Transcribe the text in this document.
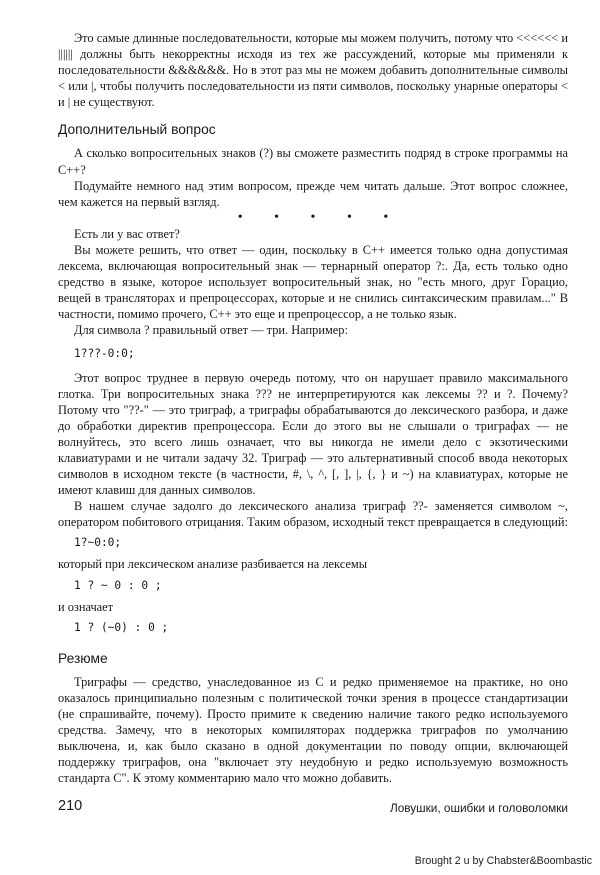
Это самые длинные последовательности, которые мы можем получить, потому что <<<<<< и |||||| должны быть некорректны исходя из тех же рассуждений, которые мы применяли к последовательности &&&&&&. Но в этот раз мы не можем добавить дополнительные символы < или |, чтобы получить последовательности из пяти символов, поскольку унарные операторы < и | не существуют.

Дополнительный вопрос

А сколько вопросительных знаков (?) вы сможете разместить подряд в строке программы на С++?

Подумайте немного над этим вопросом, прежде чем читать дальше. Этот вопрос сложнее, чем кажется на первый взгляд.

• • • • •

Есть ли у вас ответ?

Вы можете решить, что ответ — один, поскольку в С++ имеется только одна допустимая лексема, включающая вопросительный знак — тернарный оператор ?:. Да, есть только одно средство в языке, которое использует вопросительный знак, но "есть много, друг Горацио, вещей в трансляторах и препроцессорах, которые и не снились синтаксическим правилам..." В частности, помимо прочего, С++ это еще и препроцессор, а не только язык.

Для символа ? правильный ответ — три. Например:

1???-0:0;

Этот вопрос труднее в первую очередь потому, что он нарушает правило максимального глотка. Три вопросительных знака ??? не интерпретируются как лексемы ?? и ?. Почему? Потому что "??-" — это триграф, а триграфы обрабатываются до лексического разбора, и даже до обработки директив препроцессора. Если до этого вы не слышали о триграфах — не волнуйтесь, это всего лишь означает, что вы никогда не имели дело с экзотическими клавиатурами и не читали задачу 32. Триграф — это альтернативный способ ввода некоторых символов в исходном тексте (в частности, #, \, ^, [, ], |, {, } и ~) на клавиатурах, которые не имеют клавиш для данных символов.

В нашем случае задолго до лексического анализа триграф ??- заменяется символом ~, оператором побитового отрицания. Таким образом, исходный текст превращается в следующий:

1?~0:0;

который при лексическом анализе разбивается на лексемы

1 ? ~ 0 : 0 ;

и означает

1 ? (~0) : 0 ;
Резюме

Триграфы — средство, унаследованное из С и редко применяемое на практике, но оно оказалось принципиально полезным с политической точки зрения в процессе стандартизации (не спрашивайте, почему). Просто примите к сведению наличие такого редко используемого средства. Замечу, что в некоторых компиляторах поддержка триграфов по умолчанию выключена, и, как было сказано в одной документации по поводу опции, включающей поддержку триграфов, она "включает эту неудобную и редко используемую возможность стандарта С". К этому комментарию мало что можно добавить.

210	Ловушки, ошибки и головоломки
Brought 2 u by Chabster&Boombastic
